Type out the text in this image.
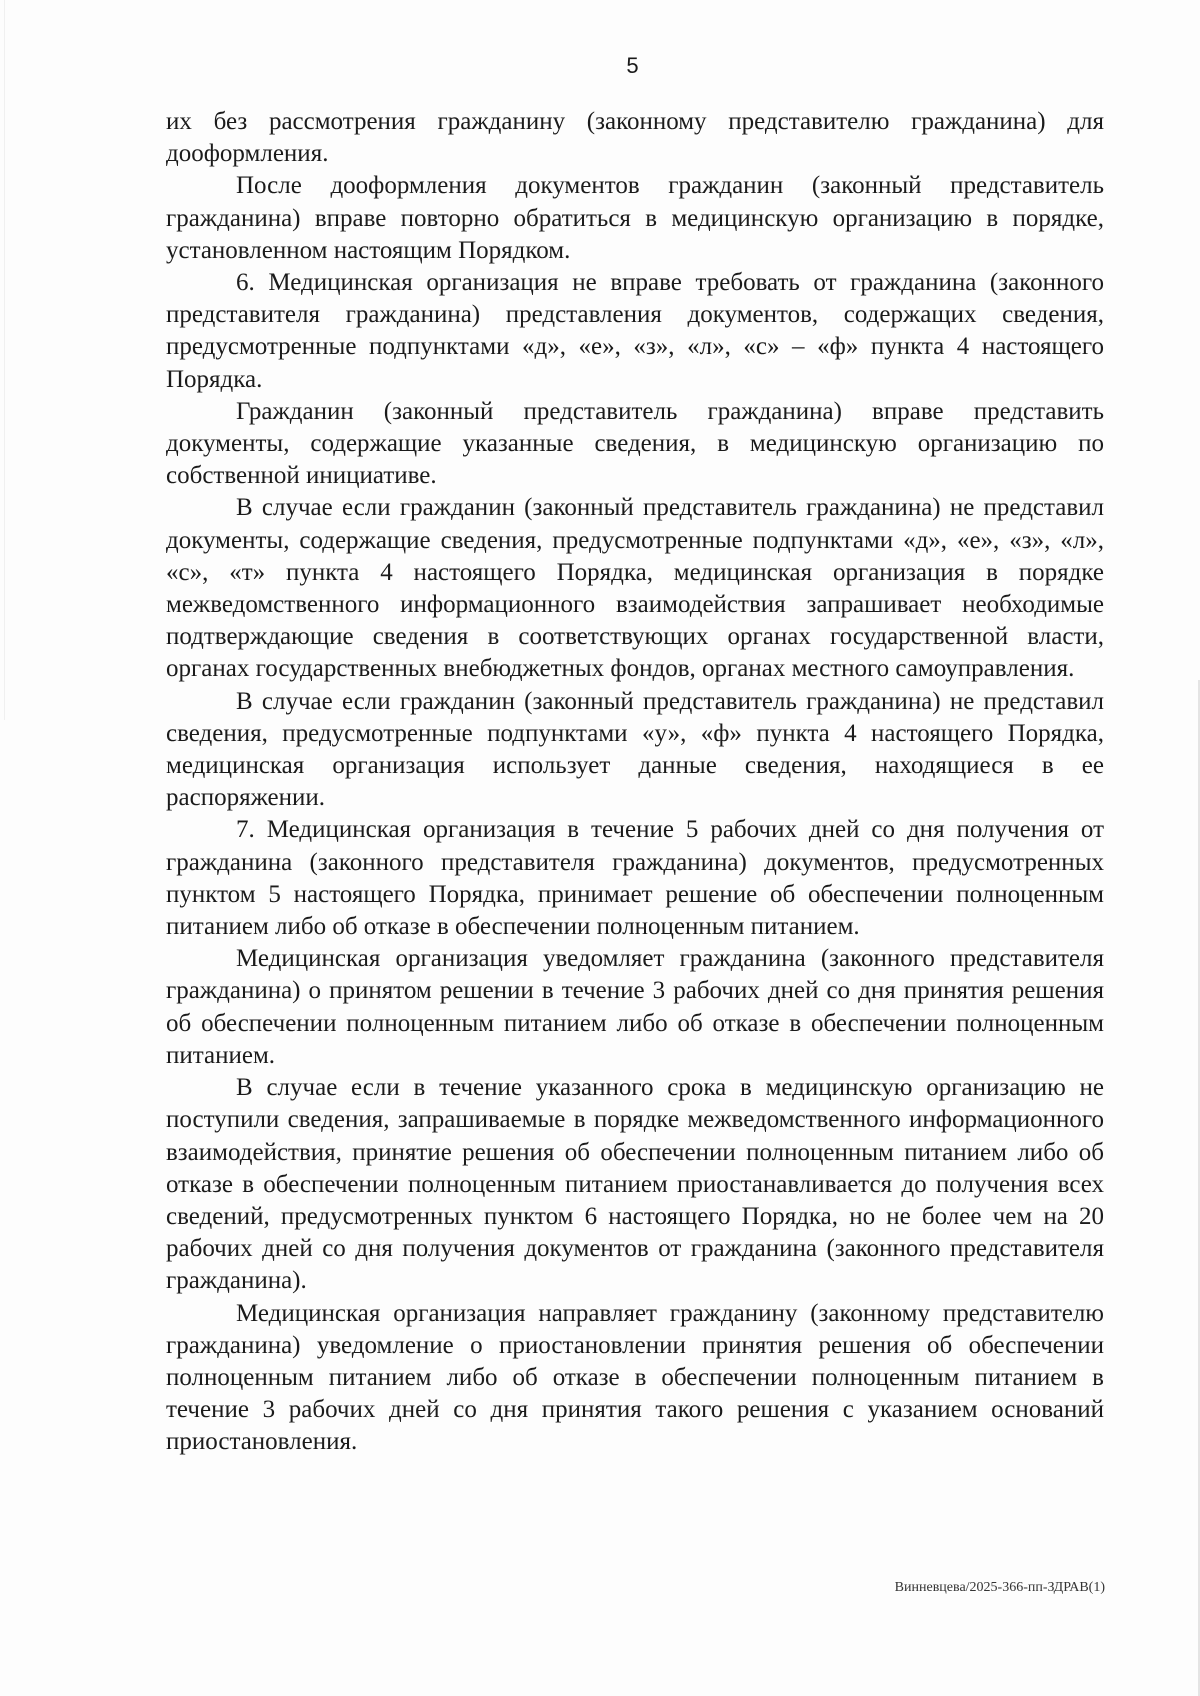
5

их без рассмотрения гражданину (законному представителю гражданина) для дооформления.

После дооформления документов гражданин (законный представитель гражданина) вправе повторно обратиться в медицинскую организацию в порядке, установленном настоящим Порядком.

6. Медицинская организация не вправе требовать от гражданина (законного представителя гражданина) представления документов, содержащих сведения, предусмотренные подпунктами «д», «е», «з», «л», «с» – «ф» пункта 4 настоящего Порядка.

Гражданин (законный представитель гражданина) вправе представить документы, содержащие указанные сведения, в медицинскую организацию по собственной инициативе.

В случае если гражданин (законный представитель гражданина) не представил документы, содержащие сведения, предусмотренные подпунктами «д», «е», «з», «л», «с», «т» пункта 4 настоящего Порядка, медицинская организация в порядке межведомственного информационного взаимодействия запрашивает необходимые подтверждающие сведения в соответствующих органах государственной власти, органах государственных внебюджетных фондов, органах местного самоуправления.

В случае если гражданин (законный представитель гражданина) не представил сведения, предусмотренные подпунктами «у», «ф» пункта 4 настоящего Порядка, медицинская организация использует данные сведения, находящиеся в ее распоряжении.

7. Медицинская организация в течение 5 рабочих дней со дня получения от гражданина (законного представителя гражданина) документов, предусмотренных пунктом 5 настоящего Порядка, принимает решение об обеспечении полноценным питанием либо об отказе в обеспечении полноценным питанием.

Медицинская организация уведомляет гражданина (законного представителя гражданина) о принятом решении в течение 3 рабочих дней со дня принятия решения об обеспечении полноценным питанием либо об отказе в обеспечении полноценным питанием.

В случае если в течение указанного срока в медицинскую организацию не поступили сведения, запрашиваемые в порядке межведомственного информационного взаимодействия, принятие решения об обеспечении полноценным питанием либо об отказе в обеспечении полноценным питанием приостанавливается до получения всех сведений, предусмотренных пунктом 6 настоящего Порядка, но не более чем на 20 рабочих дней со дня получения документов от гражданина (законного представителя гражданина).

Медицинская организация направляет гражданину (законному представителю гражданина) уведомление о приостановлении принятия решения об обеспечении полноценным питанием либо об отказе в обеспечении полноценным питанием в течение 3 рабочих дней со дня принятия такого решения с указанием оснований приостановления.

Винневцева/2025-366-пп-ЗДРАВ(1)
